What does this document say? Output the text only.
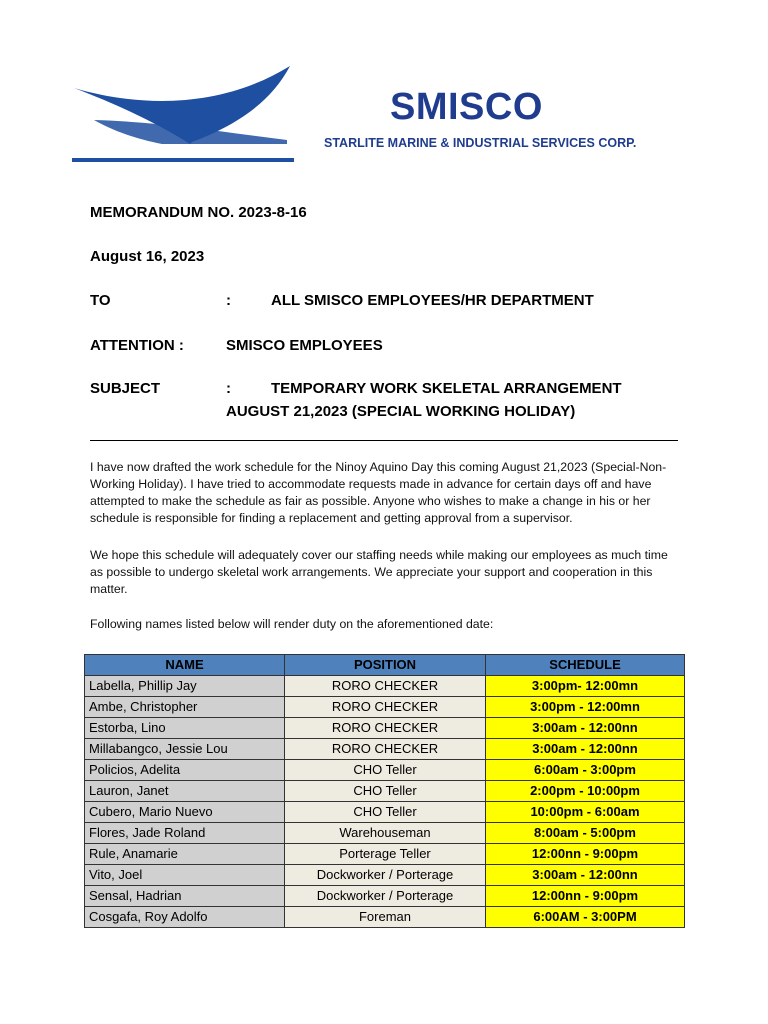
SMISCO
STARLITE MARINE & INDUSTRIAL SERVICES CORP.
MEMORANDUM NO. 2023-8-16
August 16, 2023
TO	:	ALL SMISCO EMPLOYEES/HR DEPARTMENT
ATTENTION :	SMISCO EMPLOYEES
SUBJECT	:	TEMPORARY WORK SKELETAL ARRANGEMENT
AUGUST 21,2023 (SPECIAL WORKING HOLIDAY)
I have now drafted the work schedule for the Ninoy Aquino Day this coming August 21,2023 (Special-Non-Working Holiday). I have tried to accommodate requests made in advance for certain days off and have attempted to make the schedule as fair as possible. Anyone who wishes to make a change in his or her schedule is responsible for finding a replacement and getting approval from a supervisor.
We hope this schedule will adequately cover our staffing needs while making our employees as much time as possible to undergo skeletal work arrangements. We appreciate your support and cooperation in this matter.
Following names listed below will render duty on the aforementioned date:
NAME	POSITION	SCHEDULE
Labella, Phillip Jay	RORO CHECKER	3:00pm- 12:00mn
Ambe, Christopher	RORO CHECKER	3:00pm - 12:00mn
Estorba, Lino	RORO CHECKER	3:00am - 12:00nn
Millabangco, Jessie Lou	RORO CHECKER	3:00am - 12:00nn
Policios, Adelita	CHO Teller	6:00am - 3:00pm
Lauron, Janet	CHO Teller	2:00pm - 10:00pm
Cubero, Mario Nuevo	CHO Teller	10:00pm - 6:00am
Flores, Jade Roland	Warehouseman	8:00am - 5:00pm
Rule, Anamarie	Porterage Teller	12:00nn - 9:00pm
Vito, Joel	Dockworker / Porterage	3:00am - 12:00nn
Sensal, Hadrian	Dockworker / Porterage	12:00nn - 9:00pm
Cosgafa, Roy Adolfo	Foreman	6:00AM - 3:00PM
